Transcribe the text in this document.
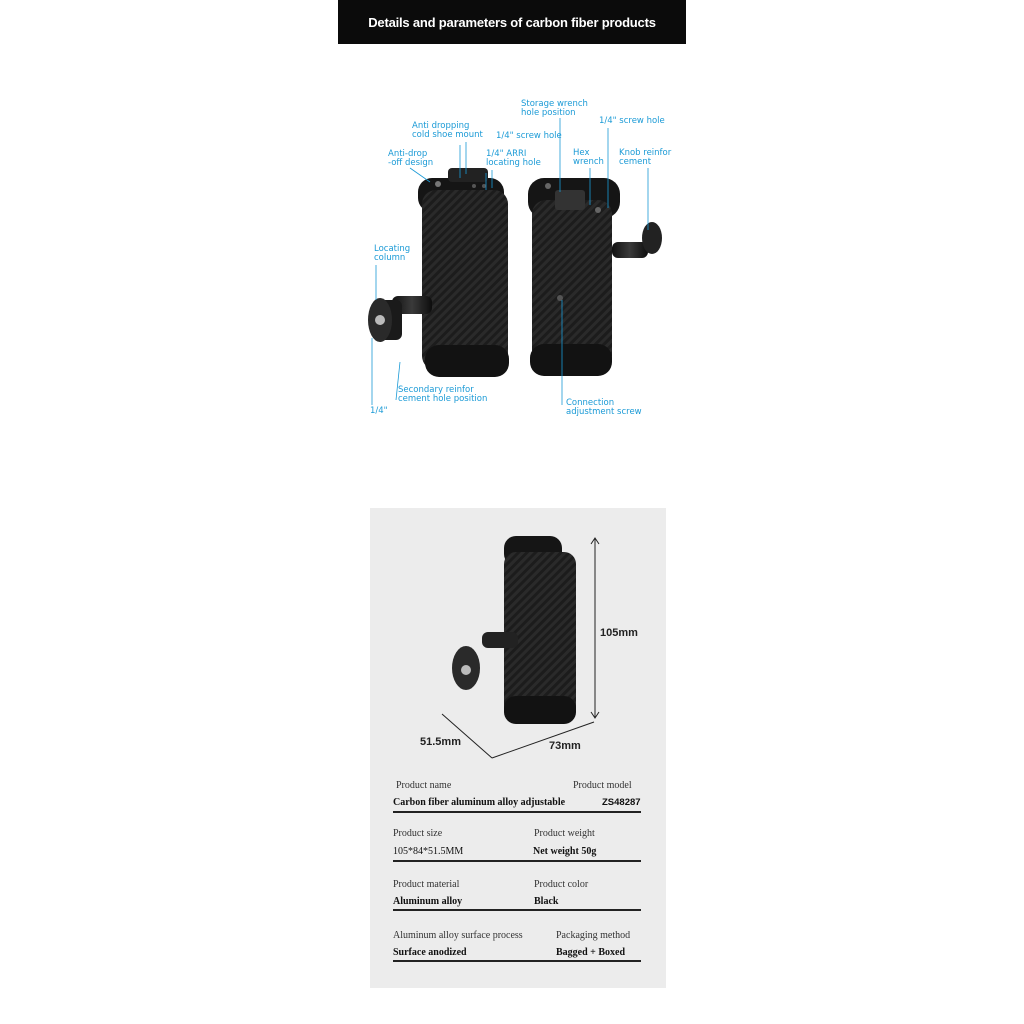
Details and parameters of carbon fiber products
Storage wrench
hole position
1/4" screw hole
Anti dropping
cold shoe mount 1/4" screw hole
Anti-drop
-off design
1/4" ARRI
locating hole
Hex
wrench
Knob reinfor
cement
Locating
column
Secondary reinfor
cement hole position
1/4"
Connection
adjustment screw
105mm
51.5mm	73mm
Product name	Product model
Carbon fiber aluminum alloy adjustable	ZS48287
Product size	Product weight
105*84*51.5MM	Net weight 50g
Product material	Product color
Aluminum alloy	Black
Aluminum alloy surface process	Packaging method
Surface anodized	Bagged + Boxed
